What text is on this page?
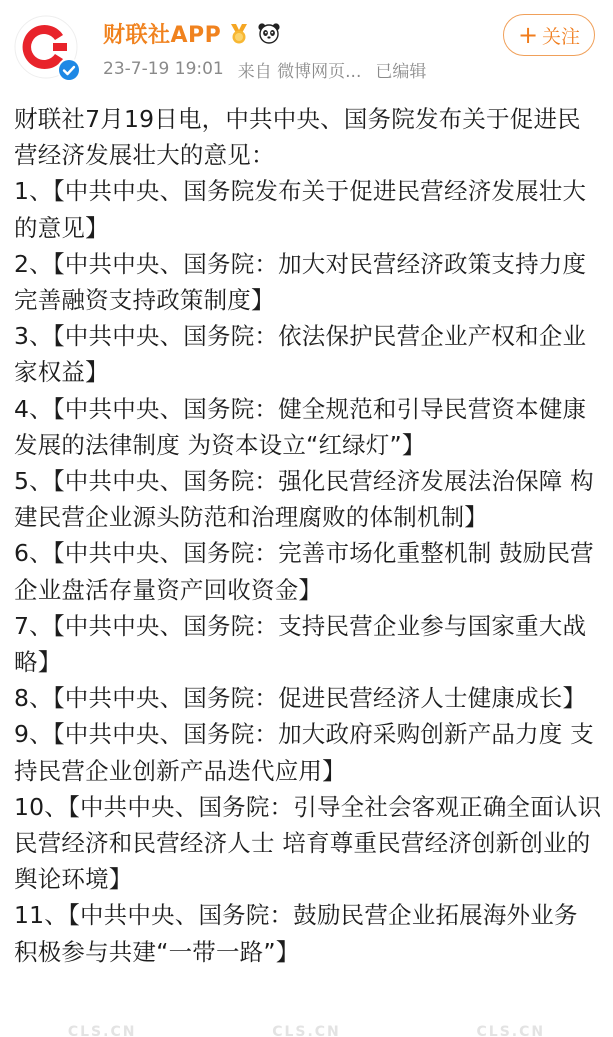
财联社APP
23-7-19 19:01 来自 微博网页... 已编辑
+ 关注

财联社7月19日电，中共中央、国务院发布关于促进民营经济发展壮大的意见：

1、【中共中央、国务院发布关于促进民营经济发展壮大的意见】

2、【中共中央、国务院：加大对民营经济政策支持力度 完善融资支持政策制度】

3、【中共中央、国务院：依法保护民营企业产权和企业家权益】

4、【中共中央、国务院：健全规范和引导民营资本健康发展的法律制度 为资本设立“红绿灯”】

5、【中共中央、国务院：强化民营经济发展法治保障 构建民营企业源头防范和治理腐败的体制机制】

6、【中共中央、国务院：完善市场化重整机制 鼓励民营企业盘活存量资产回收资金】

7、【中共中央、国务院：支持民营企业参与国家重大战略】

8、【中共中央、国务院：促进民营经济人士健康成长】

9、【中共中央、国务院：加大政府采购创新产品力度 支持民营企业创新产品迭代应用】

10、【中共中央、国务院：引导全社会客观正确全面认识民营经济和民营经济人士 培育尊重民营经济创新创业的舆论环境】

11、【中共中央、国务院：鼓励民营企业拓展海外业务 积极参与共建“一带一路”】

CLS.CN	CLS.CN	CLS.CN
